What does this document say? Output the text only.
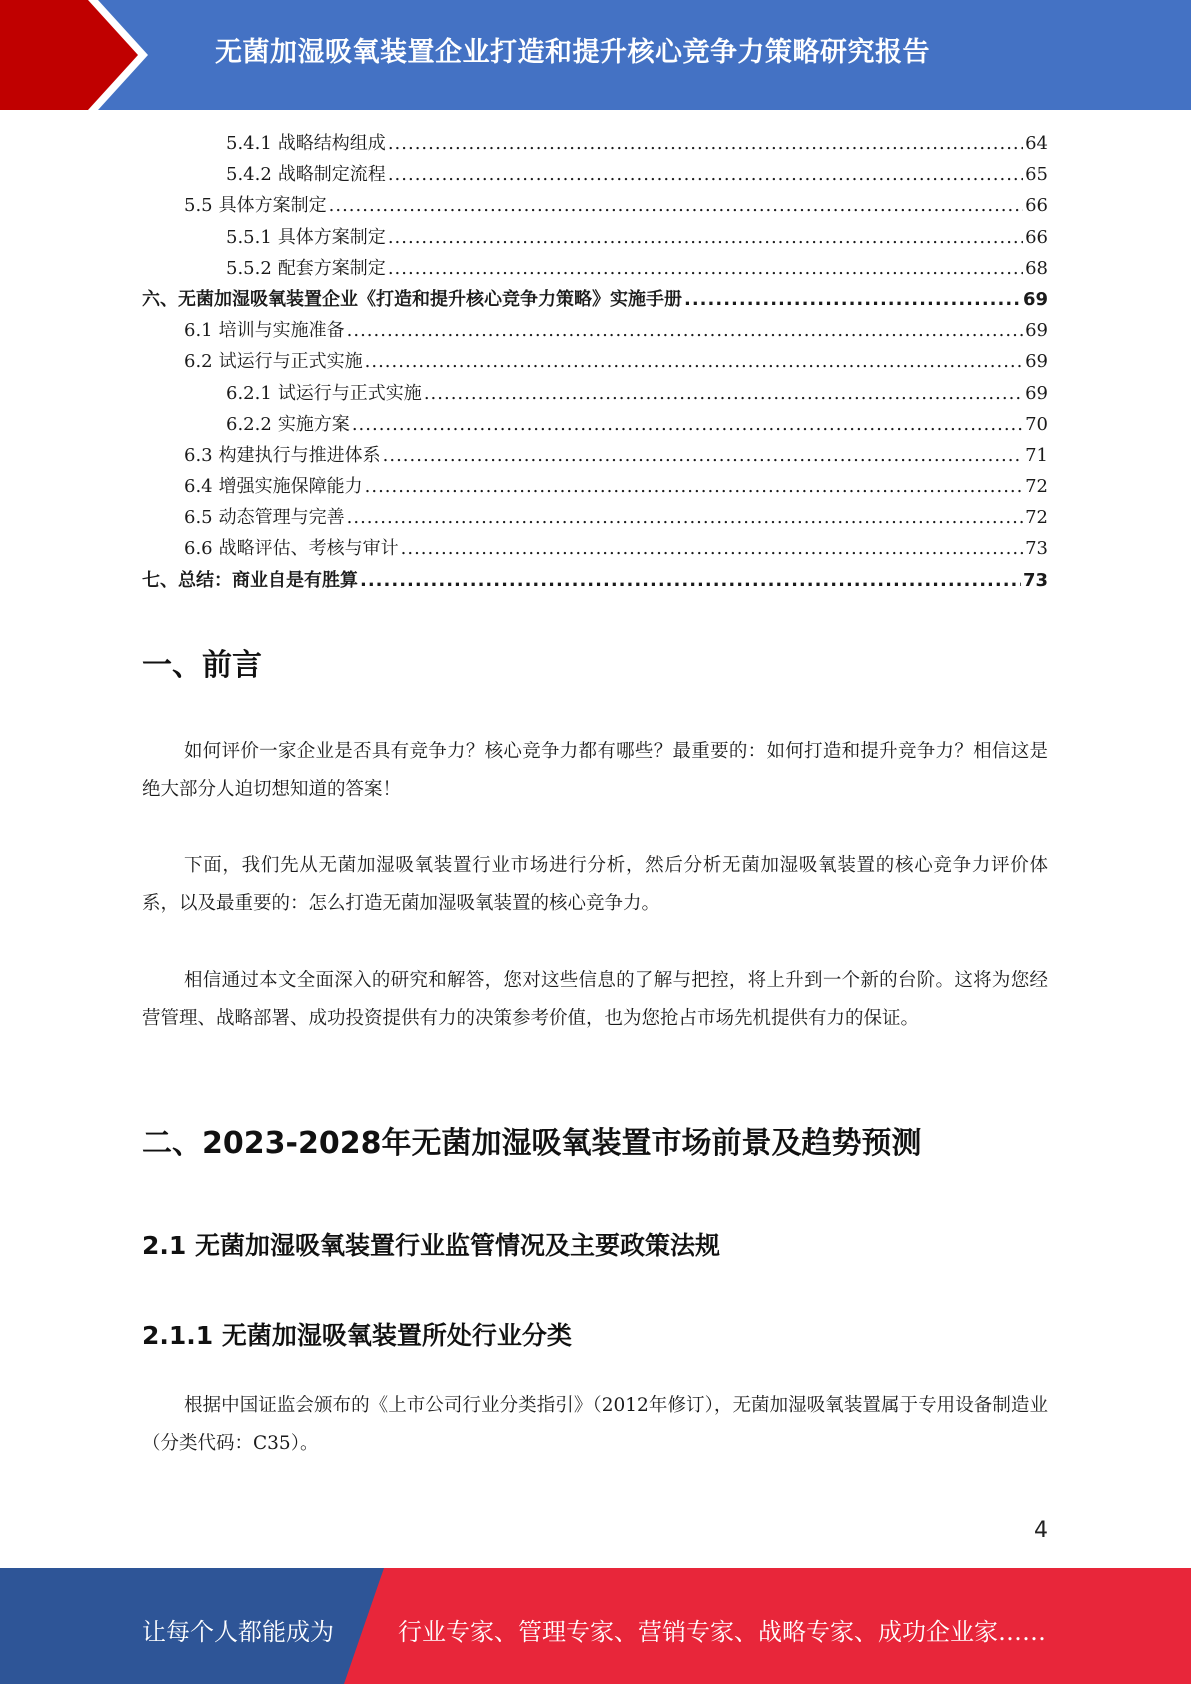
无菌加湿吸氧装置企业打造和提升核心竞争力策略研究报告
5.4.1 战略结构组成 .....	64
5.4.2 战略制定流程 .....	65
5.5 具体方案制定 .....	66
5.5.1 具体方案制定 .....	66
5.5.2 配套方案制定 .....	68
六、无菌加湿吸氧装置企业《打造和提升核心竞争力策略》实施手册 .....	69
6.1 培训与实施准备 .....	69
6.2 试运行与正式实施 .....	69
6.2.1 试运行与正式实施 .....	69
6.2.2 实施方案 .....	70
6.3 构建执行与推进体系 .....	71
6.4 增强实施保障能力 .....	72
6.5 动态管理与完善 .....	72
6.6 战略评估、考核与审计 .....	73
七、总结：商业自是有胜算 .....	73
一、前言

如何评价一家企业是否具有竞争力？核心竞争力都有哪些？最重要的：如何打造和提升竞争力？相信这是绝大部分人迫切想知道的答案！

下面，我们先从无菌加湿吸氧装置行业市场进行分析，然后分析无菌加湿吸氧装置的核心竞争力评价体系，以及最重要的：怎么打造无菌加湿吸氧装置的核心竞争力。

相信通过本文全面深入的研究和解答，您对这些信息的了解与把控，将上升到一个新的台阶。这将为您经营管理、战略部署、成功投资提供有力的决策参考价值，也为您抢占市场先机提供有力的保证。

二、2023-2028年无菌加湿吸氧装置市场前景及趋势预测
2.1 无菌加湿吸氧装置行业监管情况及主要政策法规
2.1.1 无菌加湿吸氧装置所处行业分类

根据中国证监会颁布的《上市公司行业分类指引》（2012年修订），无菌加湿吸氧装置属于专用设备制造业（分类代码：C35）。

4

让每个人都能成为	行业专家、管理专家、营销专家、战略专家、成功企业家……
